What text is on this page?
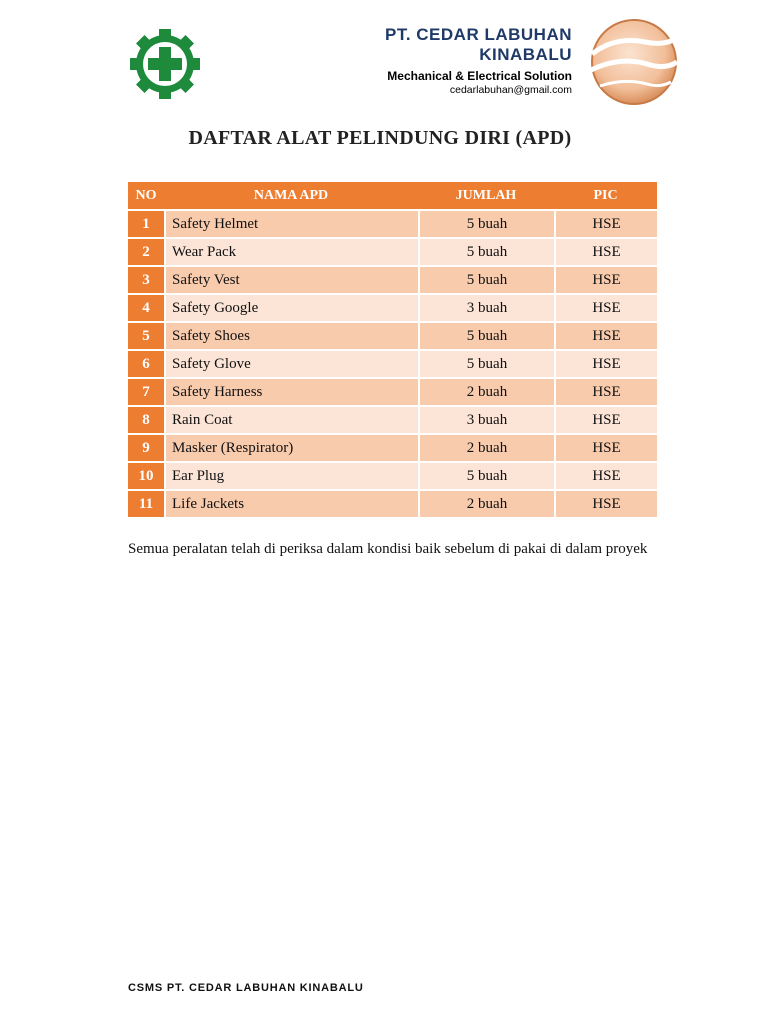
PT. CEDAR LABUHAN KINABALU
Mechanical & Electrical Solution
cedarlabuhan@gmail.com
DAFTAR ALAT PELINDUNG DIRI (APD)
NO	NAMA APD	JUMLAH	PIC
1	Safety Helmet	5 buah	HSE
2	Wear Pack	5 buah	HSE
3	Safety Vest	5 buah	HSE
4	Safety Google	3 buah	HSE
5	Safety Shoes	5 buah	HSE
6	Safety Glove	5 buah	HSE
7	Safety Harness	2 buah	HSE
8	Rain Coat	3 buah	HSE
9	Masker (Respirator)	2 buah	HSE
10	Ear Plug	5 buah	HSE
11	Life Jackets	2 buah	HSE
Semua peralatan telah di periksa dalam kondisi baik sebelum di pakai di dalam proyek
CSMS PT. CEDAR LABUHAN KINABALU
